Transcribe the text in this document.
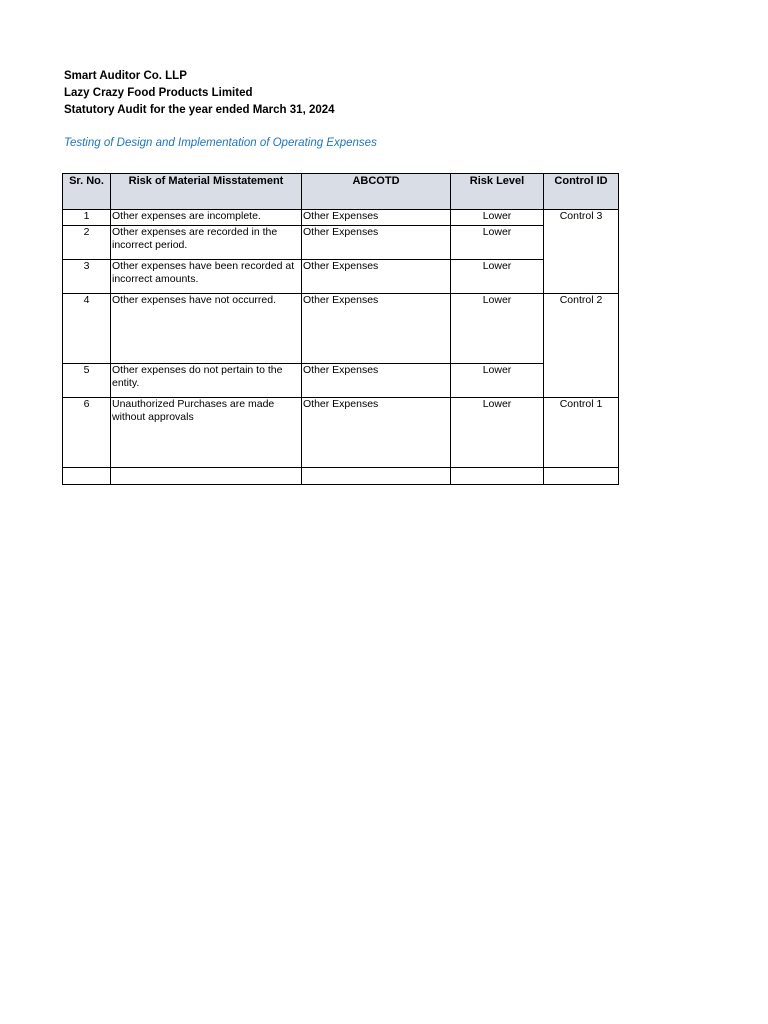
Smart Auditor Co. LLP
Lazy Crazy Food Products Limited
Statutory Audit for the year ended March 31, 2024
Testing of Design and Implementation of Operating Expenses
Sr. No.	Risk of Material Misstatement	ABCOTD	Risk Level	Control ID
1	Other expenses are incomplete.	Other Expenses	Lower	Control 3
2	Other expenses are recorded in the incorrect period.	Other Expenses	Lower	
3	Other expenses have been recorded at incorrect amounts.	Other Expenses	Lower	
4	Other expenses have not occurred.	Other Expenses	Lower	Control 2
5	Other expenses do not pertain to the entity.	Other Expenses	Lower	
6	Unauthorized Purchases are made without approvals	Other Expenses	Lower	Control 1
